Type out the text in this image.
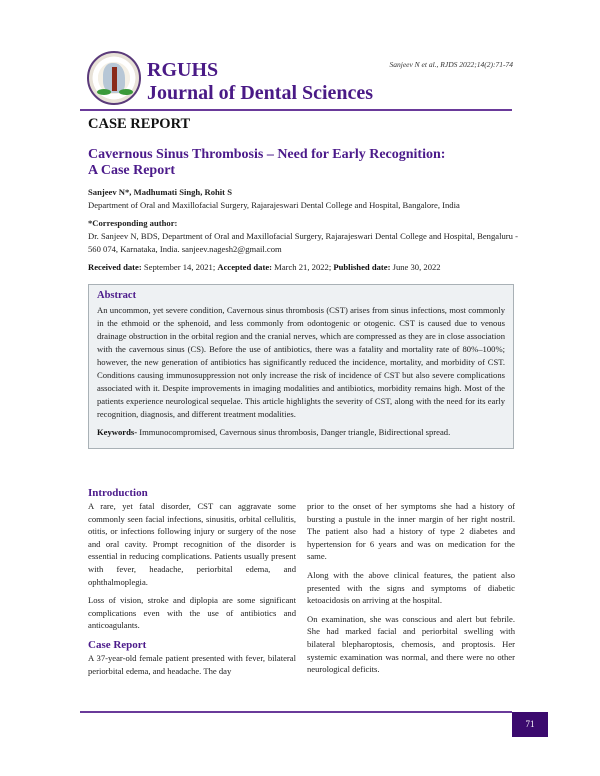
RGUHS
Journal of Dental Sciences
Sanjeev N et al., RJDS 2022;14(2):71-74
CASE REPORT
Cavernous Sinus Thrombosis – Need for Early Recognition:
A Case Report
Sanjeev N*, Madhumati Singh, Rohit S
Department of Oral and Maxillofacial Surgery, Rajarajeswari Dental College and Hospital, Bangalore, India
*Corresponding author:
Dr. Sanjeev N, BDS, Department of Oral and Maxillofacial Surgery, Rajarajeswari Dental College and Hospital, Bengaluru - 560 074, Karnataka, India. sanjeev.nagesh2@gmail.com
Received date: September 14, 2021; Accepted date: March 21, 2022; Published date: June 30, 2022
Abstract

An uncommon, yet severe condition, Cavernous sinus thrombosis (CST) arises from sinus infections, most commonly in the ethmoid or the sphenoid, and less commonly from odontogenic or otogenic. CST is caused due to venous drainage obstruction in the orbital region and the cranial nerves, which are compressed as they are in close association with the cavernous sinus (CS). Before the use of antibiotics, there was a fatality and mortality rate of 80%–100%; however, the new generation of antibiotics has significantly reduced the incidence, mortality, and morbidity of CST. Conditions causing immunosuppression not only increase the risk of incidence of CST but also severe complications associated with it. Despite improvements in imaging modalities and antibiotics, morbidity remains high. Most of the patients experience neurological sequelae. This article highlights the severity of CST, along with the need for its early recognition, diagnosis, and different treatment modalities.

Keywords- Immunocompromised, Cavernous sinus thrombosis, Danger triangle, Bidirectional spread.

Introduction

A rare, yet fatal disorder, CST can aggravate some commonly seen facial infections, sinusitis, orbital cellulitis, otitis, or infections following injury or surgery of the nose and oral cavity. Prompt recognition of the disorder is essential in reducing complications. Patients usually present with fever, headache, periorbital edema, and ophthalmoplegia.

Loss of vision, stroke and diplopia are some significant complications even with the use of antibiotics and anticoagulants.

Case Report

A 37-year-old female patient presented with fever, bilateral periorbital edema, and headache. The day

prior to the onset of her symptoms she had a history of bursting a pustule in the inner margin of her right nostril. The patient also had a history of type 2 diabetes and hypertension for 6 years and was on medication for the same.

Along with the above clinical features, the patient also presented with the signs and symptoms of diabetic ketoacidosis on arriving at the hospital.

On examination, she was conscious and alert but febrile. She had marked facial and periorbital swelling with bilateral blepharoptosis, chemosis, and proptosis. Her systemic examination was normal, and there were no other neurological deficits.

71
